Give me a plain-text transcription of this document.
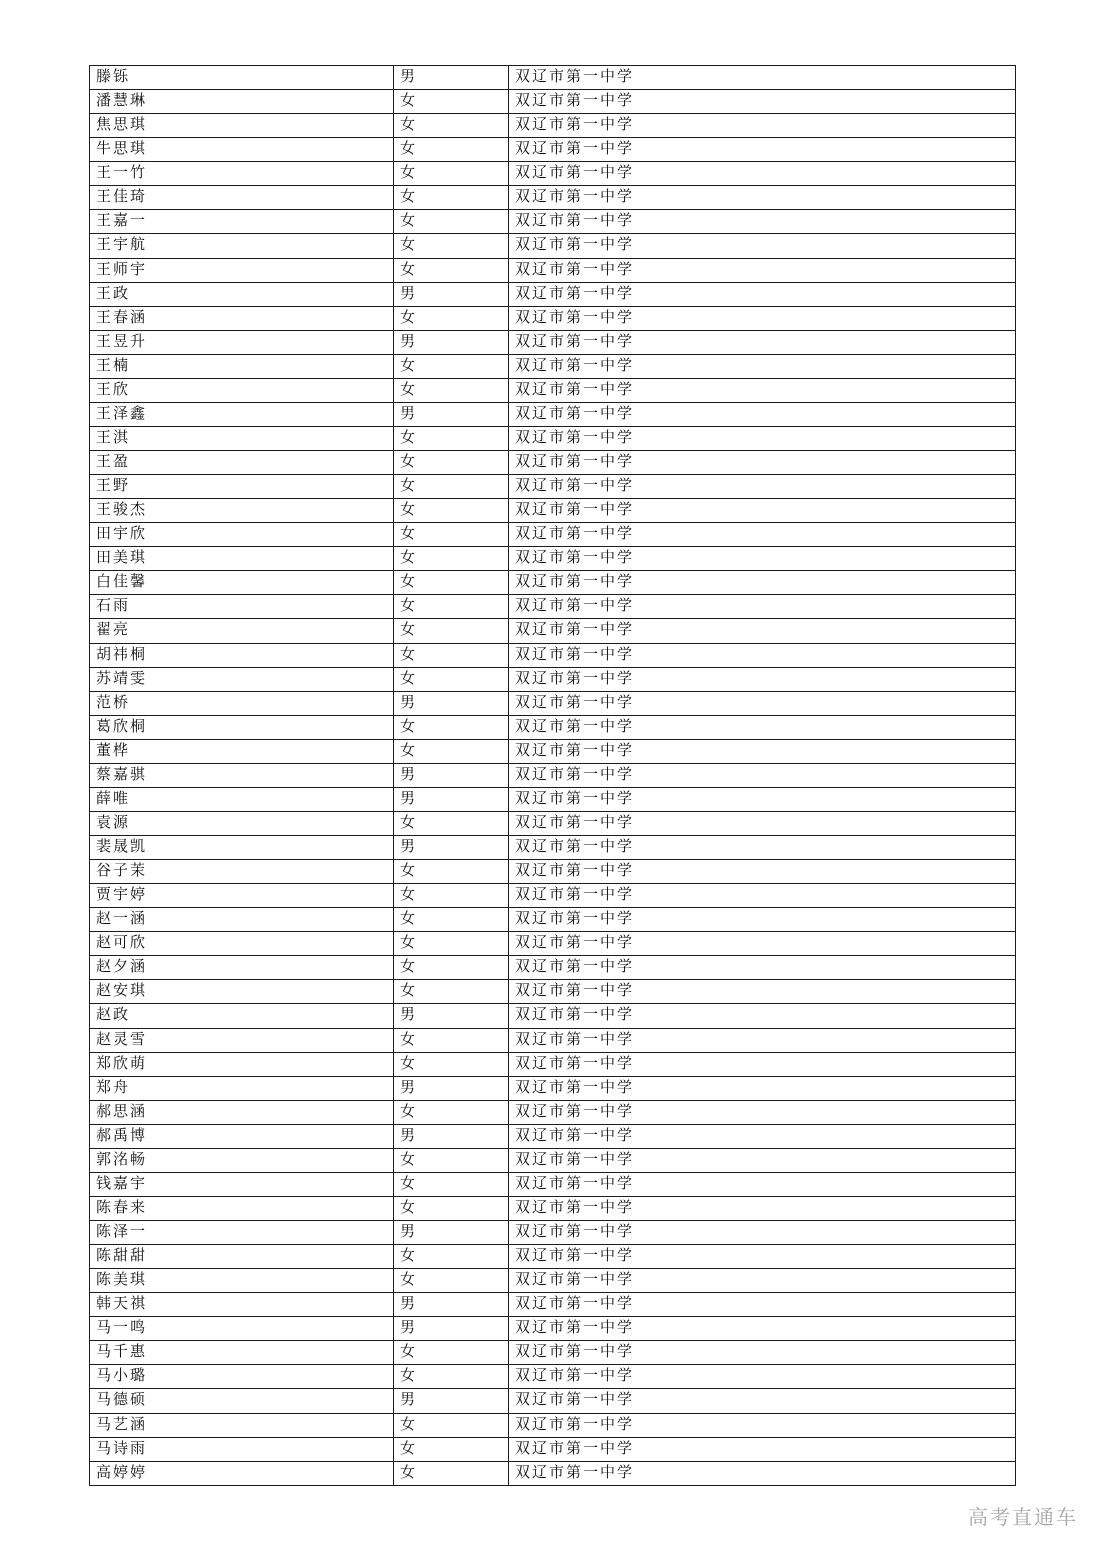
滕铄	男	双辽市第一中学
潘慧琳	女	双辽市第一中学
焦思琪	女	双辽市第一中学
牛思琪	女	双辽市第一中学
王一竹	女	双辽市第一中学
王佳琦	女	双辽市第一中学
王嘉一	女	双辽市第一中学
王宇航	女	双辽市第一中学
王师宇	女	双辽市第一中学
王政	男	双辽市第一中学
王春涵	女	双辽市第一中学
王昱升	男	双辽市第一中学
王楠	女	双辽市第一中学
王欣	女	双辽市第一中学
王泽鑫	男	双辽市第一中学
王淇	女	双辽市第一中学
王盈	女	双辽市第一中学
王野	女	双辽市第一中学
王骏杰	女	双辽市第一中学
田宇欣	女	双辽市第一中学
田美琪	女	双辽市第一中学
白佳馨	女	双辽市第一中学
石雨	女	双辽市第一中学
翟亮	女	双辽市第一中学
胡祎桐	女	双辽市第一中学
苏靖雯	女	双辽市第一中学
范桥	男	双辽市第一中学
葛欣桐	女	双辽市第一中学
董桦	女	双辽市第一中学
蔡嘉骐	男	双辽市第一中学
薛唯	男	双辽市第一中学
袁源	女	双辽市第一中学
裴晟凯	男	双辽市第一中学
谷子茉	女	双辽市第一中学
贾宇婷	女	双辽市第一中学
赵一涵	女	双辽市第一中学
赵可欣	女	双辽市第一中学
赵夕涵	女	双辽市第一中学
赵安琪	女	双辽市第一中学
赵政	男	双辽市第一中学
赵灵雪	女	双辽市第一中学
郑欣萌	女	双辽市第一中学
郑舟	男	双辽市第一中学
郝思涵	女	双辽市第一中学
郝禹博	男	双辽市第一中学
郭洺畅	女	双辽市第一中学
钱嘉宇	女	双辽市第一中学
陈春来	女	双辽市第一中学
陈泽一	男	双辽市第一中学
陈甜甜	女	双辽市第一中学
陈美琪	女	双辽市第一中学
韩天祺	男	双辽市第一中学
马一鸣	男	双辽市第一中学
马千惠	女	双辽市第一中学
马小璐	女	双辽市第一中学
马德硕	男	双辽市第一中学
马艺涵	女	双辽市第一中学
马诗雨	女	双辽市第一中学
高婷婷	女	双辽市第一中学
高考直通车
